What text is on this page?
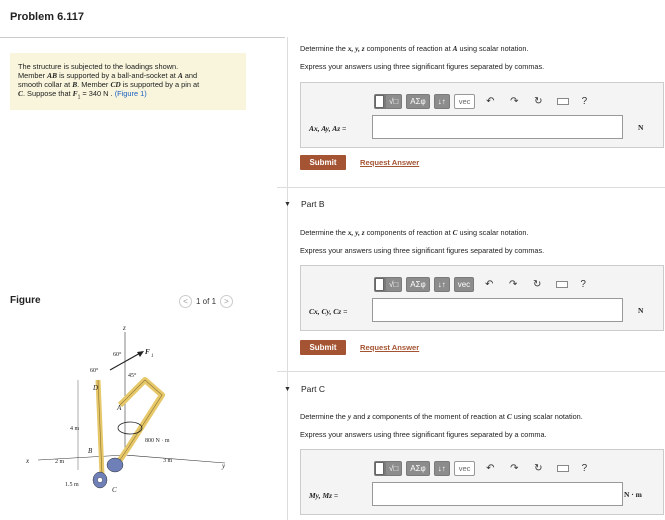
Problem 6.117
The structure is subjected to the loadings shown.
Member AB is supported by a ball-and-socket at A and
smooth collar at B. Member CD is supported by a pin at
C. Suppose that $F_1 = 340$ N . (Figure 1)
Figure	<	1 of 1	>
z
x
y
F
1
60°
60°
45°
D
A
B
C
800 N · m
4 m
2 m
1.5 m
3 m
Determine the x, y, z components of reaction at A using scalar notation.
Express your answers using three significant figures separated by commas.
√□	ΑΣφ	↓↑	vec	↶	↷	↻	?
Ax, Ay, Az =	N
Submit	Request Answer
▼ Part B
Determine the x, y, z components of reaction at C using scalar notation.
Express your answers using three significant figures separated by commas.
√□	ΑΣφ	↓↑	vec	↶	↷	↻	?
Cx, Cy, Cz =	N
Submit	Request Answer
▼ Part C
Determine the y and z components of the moment of reaction at C using scalar notation.
Express your answers using three significant figures separated by a comma.
√□	ΑΣφ	↓↑	vec	↶	↷	↻	?
My, Mz =	N · m
